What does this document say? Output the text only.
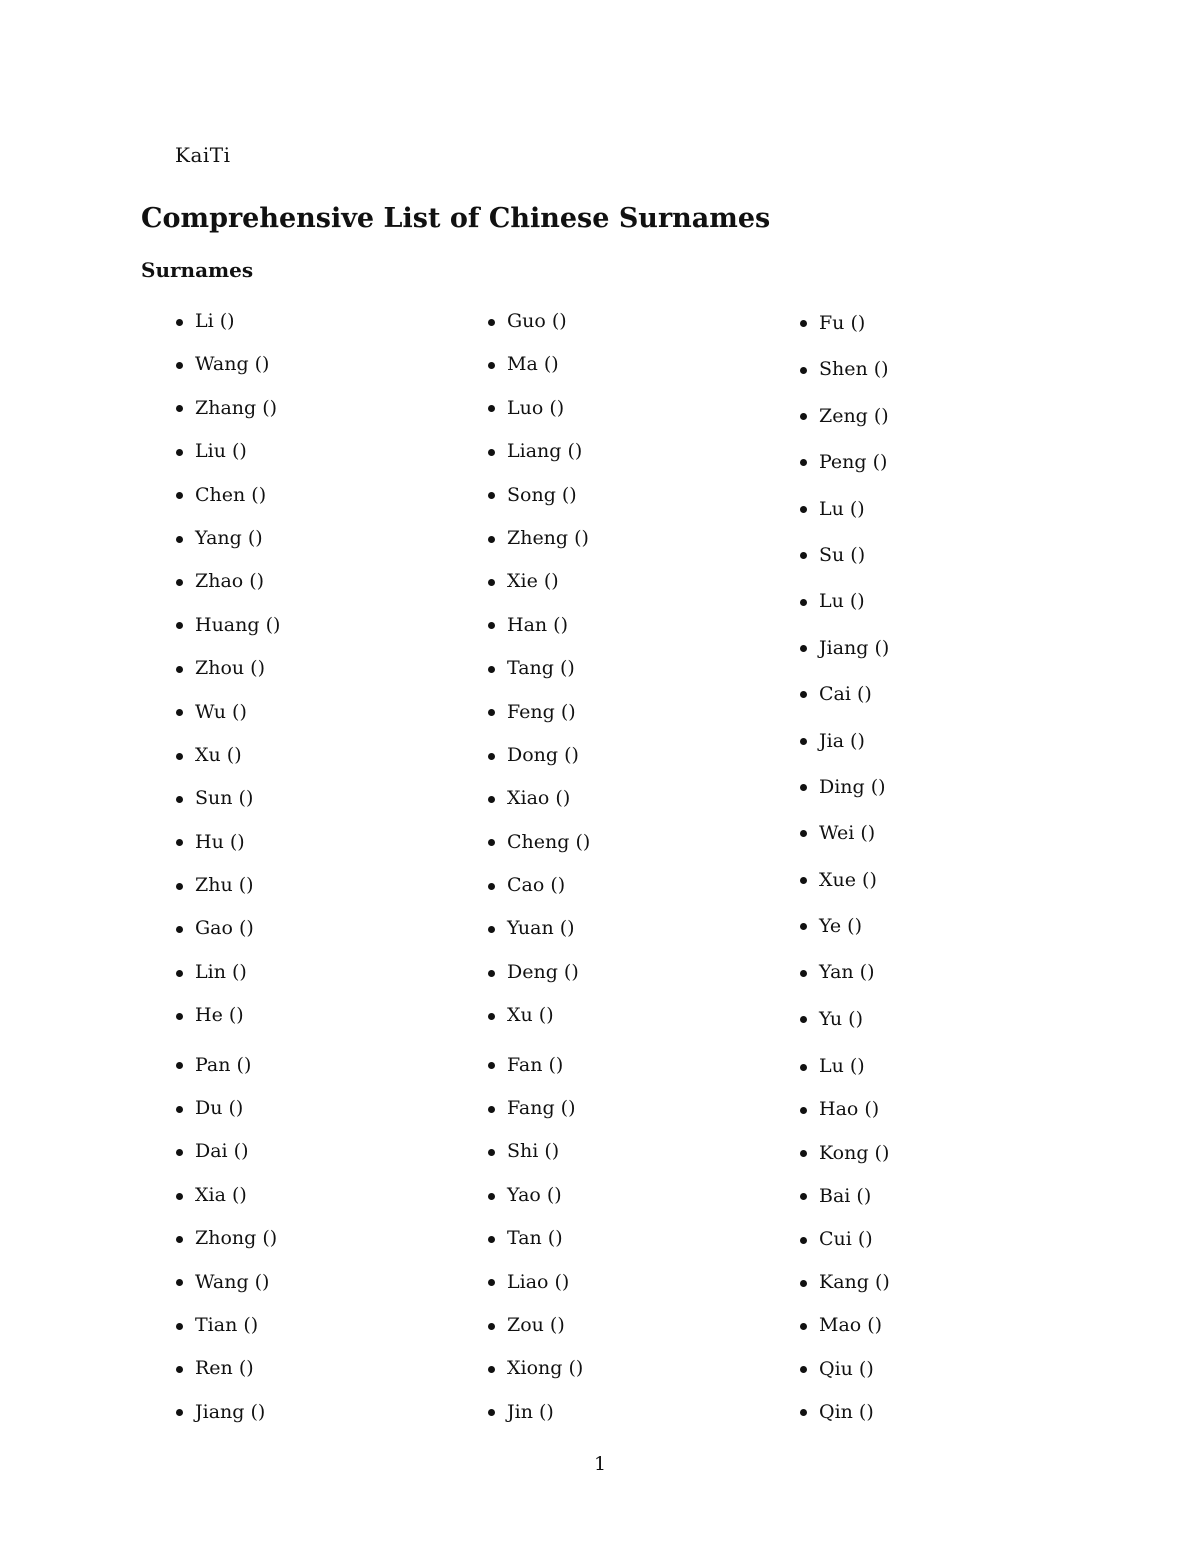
KaiTi
Comprehensive List of Chinese Surnames
Surnames
Li ()
Wang ()
Zhang ()
Liu ()
Chen ()
Yang ()
Zhao ()
Huang ()
Zhou ()
Wu ()
Xu ()
Sun ()
Hu ()
Zhu ()
Gao ()
Lin ()
He ()
Pan ()
Du ()
Dai ()
Xia ()
Zhong ()
Wang ()
Tian ()
Ren ()
Jiang ()
Guo ()
Ma ()
Luo ()
Liang ()
Song ()
Zheng ()
Xie ()
Han ()
Tang ()
Feng ()
Dong ()
Xiao ()
Cheng ()
Cao ()
Yuan ()
Deng ()
Xu ()
Fan ()
Fang ()
Shi ()
Yao ()
Tan ()
Liao ()
Zou ()
Xiong ()
Jin ()
Fu ()
Shen ()
Zeng ()
Peng ()
Lu ()
Su ()
Lu ()
Jiang ()
Cai ()
Jia ()
Ding ()
Wei ()
Xue ()
Ye ()
Yan ()
Yu ()
Lu ()
Hao ()
Kong ()
Bai ()
Cui ()
Kang ()
Mao ()
Qiu ()
Qin ()
1
